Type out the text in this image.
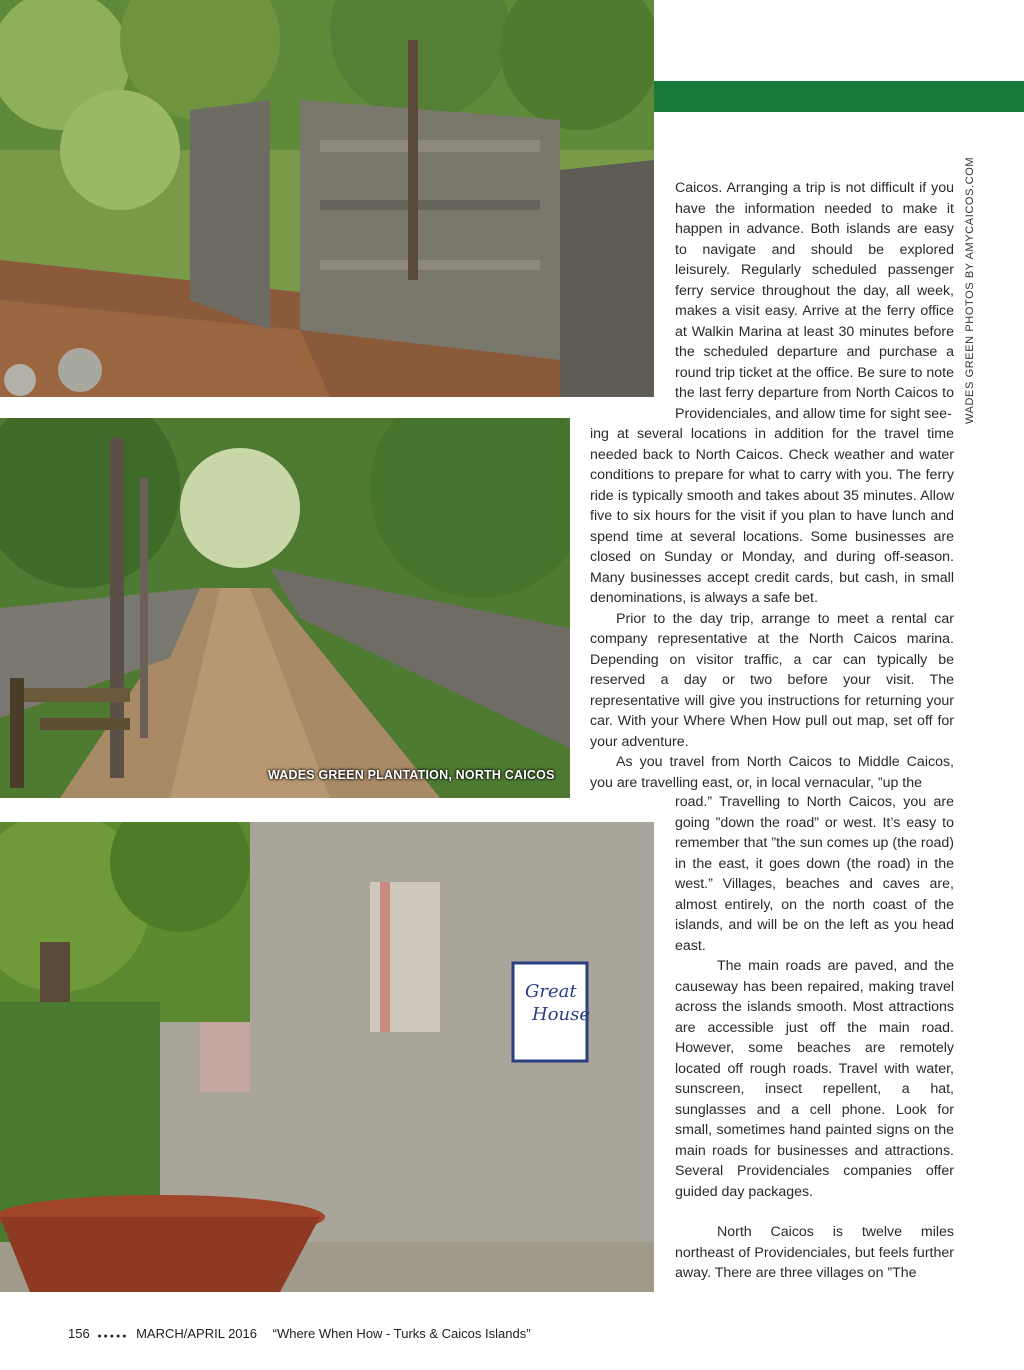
WADES GREEN PLANTATION, NORTH CAICOS
Great
House
WADES GREEN PHOTOS BY AMYCAICOS.COM

Caicos. Arranging a trip is not difficult if you have the information needed to make it happen in advance. Both islands are easy to navigate and should be explored leisurely. Regularly scheduled passenger ferry service throughout the day, all week, makes a visit easy. Arrive at the ferry office at Walkin Marina at least 30 minutes before the scheduled departure and purchase a round trip ticket at the office. Be sure to note the last ferry departure from North Caicos to Providenciales, and allow time for sight see-

ing at several locations in addition for the travel time needed back to North Caicos. Check weather and water conditions to prepare for what to carry with you. The ferry ride is typically smooth and takes about 35 minutes. Allow five to six hours for the visit if you plan to have lunch and spend time at several locations. Some businesses are closed on Sunday or Monday, and during off-season. Many businesses accept credit cards, but cash, in small denominations, is always a safe bet.

Prior to the day trip, arrange to meet a rental car company representative at the North Caicos marina. Depending on visitor traffic, a car can typically be reserved a day or two before your visit. The representative will give you instructions for returning your car. With your Where When How pull out map, set off for your adventure.

As you travel from North Caicos to Middle Caicos, you are travelling east, or, in local vernacular, ”up the

road.” Travelling to North Caicos, you are going ”down the road” or west. It’s easy to remember that ”the sun comes up (the road) in the east, it goes down (the road) in the west.” Villages, beaches and caves are, almost entirely, on the north coast of the islands, and will be on the left as you head east.

The main roads are paved, and the causeway has been repaired, making travel across the islands smooth. Most attractions are accessible just off the main road. However, some beaches are remotely located off rough roads. Travel with water, sunscreen, insect repellent, a hat, sunglasses and a cell phone. Look for small, sometimes hand painted signs on the main roads for businesses and attractions. Several Providenciales companies offer guided day packages.

North Caicos is twelve miles northeast of Providenciales, but feels further away. There are three villages on ”The

156 ●●●●● MARCH/APRIL 2016 “Where When How - Turks & Caicos Islands”
